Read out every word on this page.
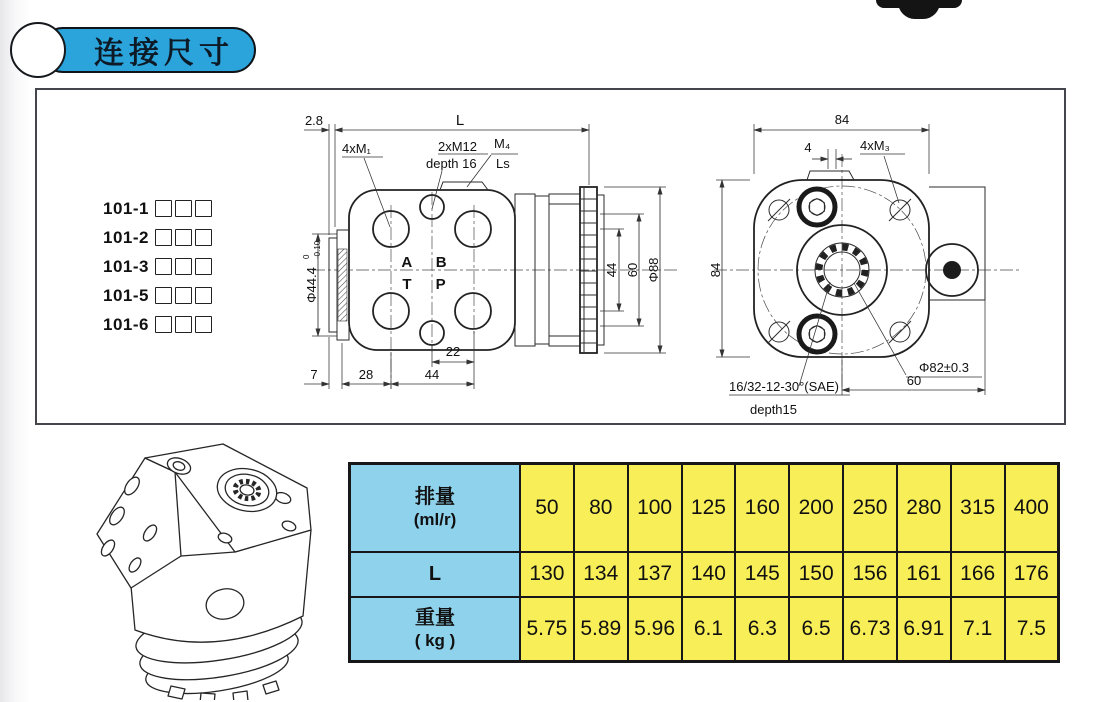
连接尺寸
101-1
101-2
101-3
101-5
101-6
A B
T P
2.8	L
4xM₁	2xM12
depth 16
M₄
Ls
Φ44.4
0 -0.10
44 60 Φ88
22
7	28	44
84
4	4xM₃
84
Φ82±0.3
60
16/32-12-30°(SAE)
depth15
排量
(ml/r)	50	80	100	125	160	200	250	280	315	400

L	130	134	137	140	145	150	156	161	166	176

重量
( kg )	5.75	5.89	5.96	6.1	6.3	6.5	6.73	6.91	7.1	7.5
